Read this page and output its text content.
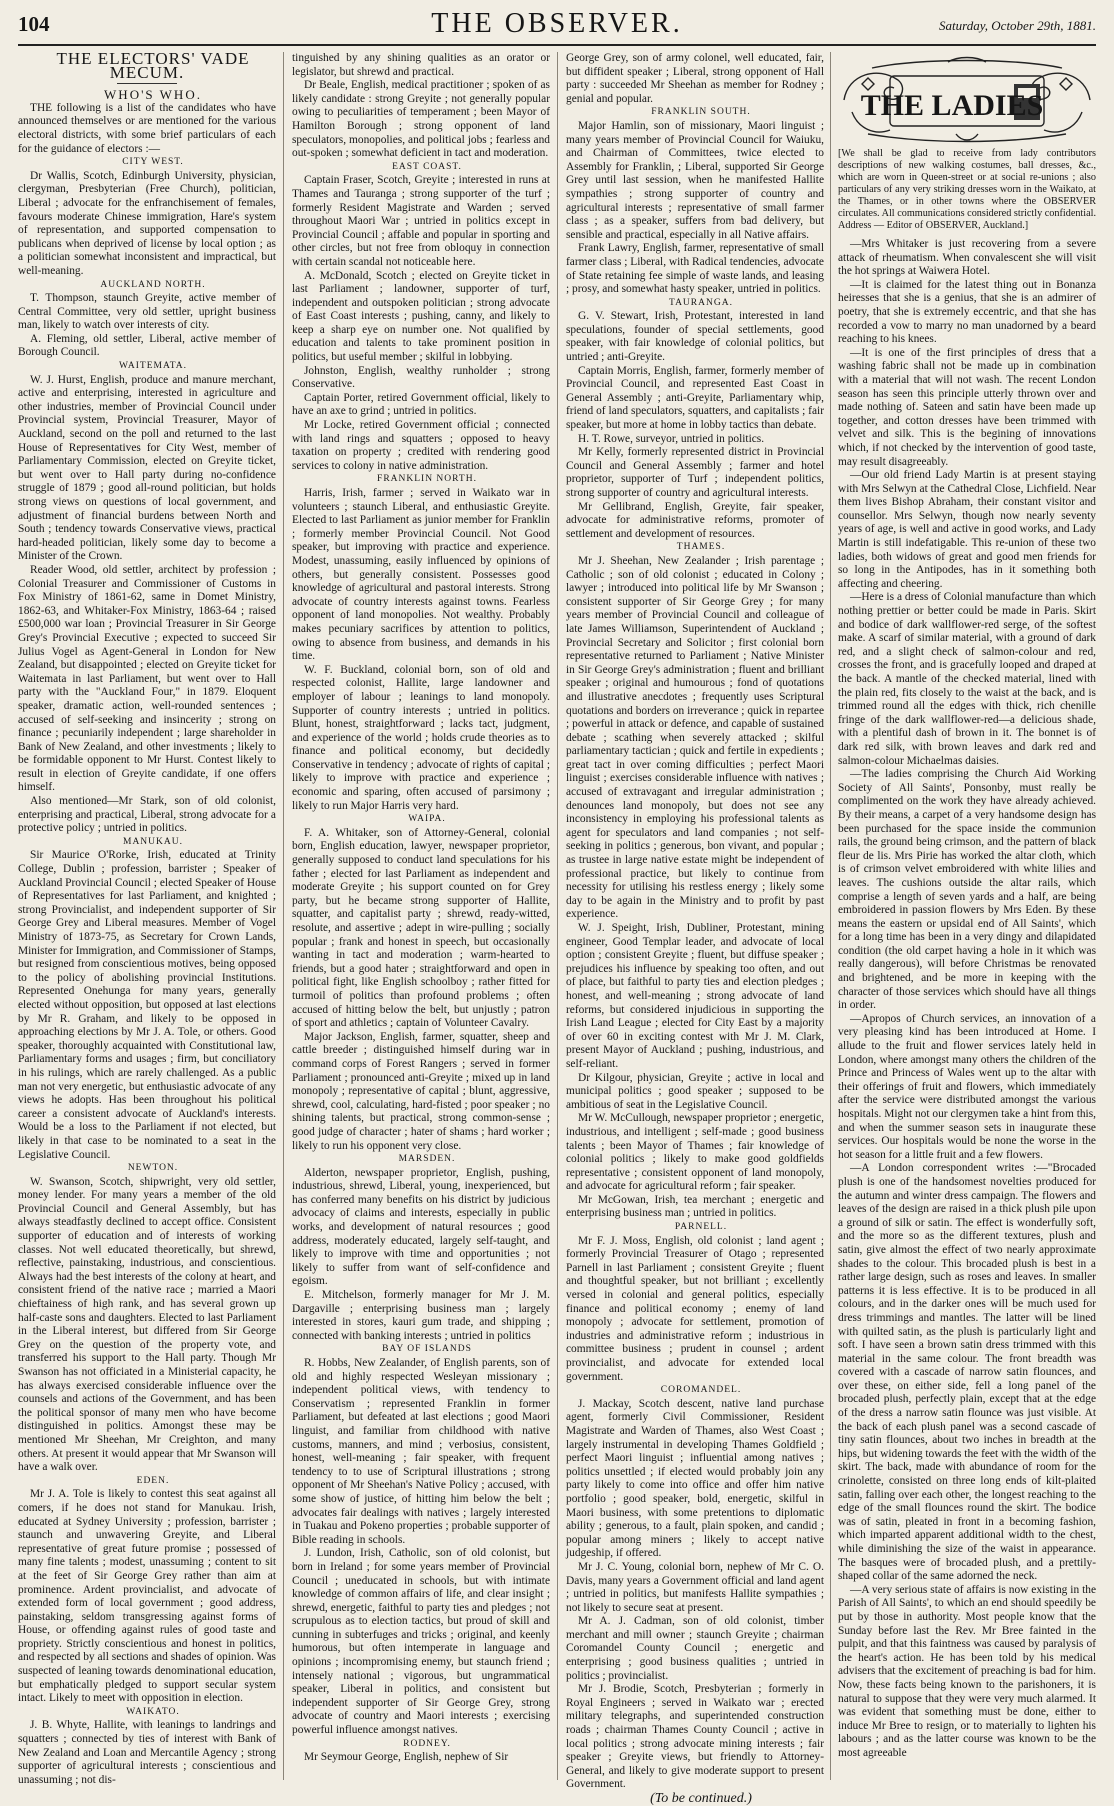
104	THE OBSERVER.	Saturday, October 29th, 1881.

THE ELECTORS' VADE MECUM.

WHO'S WHO.

THE following is a list of the candidates who have announced themselves or are mentioned for the various electoral districts, with some brief particulars of each for the guidance of electors :—

CITY WEST.

Dr Wallis, Scotch, Edinburgh University, physician, clergyman, Presbyterian (Free Church), politician, Liberal ; advocate for the enfranchisement of females, favours moderate Chinese immigration, Hare's system of representation, and supported compensation to publicans when deprived of license by local option ; as a politician somewhat inconsistent and impractical, but well-meaning.

AUCKLAND NORTH.

T. Thompson, staunch Greyite, active member of Central Committee, very old settler, upright business man, likely to watch over interests of city.

A. Fleming, old settler, Liberal, active member of Borough Council.

WAITEMATA.

W. J. Hurst, English, produce and manure merchant, active and enterprising, interested in agriculture and other industries, member of Provincial Council under Provincial system, Provincial Treasurer, Mayor of Auckland, second on the poll and returned to the last House of Representatives for City West, member of Parliamentary Commission, elected on Greyite ticket, but went over to Hall party during no-confidence struggle of 1879 ; good all-round politician, but holds strong views on questions of local government, and adjustment of financial burdens between North and South ; tendency towards Conservative views, practical hard-headed politician, likely some day to become a Minister of the Crown.

Reader Wood, old settler, architect by profession ; Colonial Treasurer and Commissioner of Customs in Fox Ministry of 1861-62, same in Domet Ministry, 1862-63, and Whitaker-Fox Ministry, 1863-64 ; raised £500,000 war loan ; Provincial Treasurer in Sir George Grey's Provincial Executive ; expected to succeed Sir Julius Vogel as Agent-General in London for New Zealand, but disappointed ; elected on Greyite ticket for Waitemata in last Parliament, but went over to Hall party with the "Auckland Four," in 1879. Eloquent speaker, dramatic action, well-rounded sentences ; accused of self-seeking and insincerity ; strong on finance ; pecuniarily independent ; large shareholder in Bank of New Zealand, and other investments ; likely to be formidable opponent to Mr Hurst. Contest likely to result in election of Greyite candidate, if one offers himself.

Also mentioned—Mr Stark, son of old colonist, enterprising and practical, Liberal, strong advocate for a protective policy ; untried in politics.

MANUKAU.

Sir Maurice O'Rorke, Irish, educated at Trinity College, Dublin ; profession, barrister ; Speaker of Auckland Provincial Council ; elected Speaker of House of Representatives for last Parliament, and knighted ; strong Provincialist, and independent supporter of Sir George Grey and Liberal measures. Member of Vogel Ministry of 1873-75, as Secretary for Crown Lands, Minister for Immigration, and Commissioner of Stamps, but resigned from conscientious motives, being opposed to the policy of abolishing provincial Institutions. Represented Onehunga for many years, generally elected without opposition, but opposed at last elections by Mr R. Graham, and likely to be opposed in approaching elections by Mr J. A. Tole, or others. Good speaker, thoroughly acquainted with Constitutional law, Parliamentary forms and usages ; firm, but conciliatory in his rulings, which are rarely challenged. As a public man not very energetic, but enthusiastic advocate of any views he adopts. Has been throughout his political career a consistent advocate of Auckland's interests. Would be a loss to the Parliament if not elected, but likely in that case to be nominated to a seat in the Legislative Council.

NEWTON.

W. Swanson, Scotch, shipwright, very old settler, money lender. For many years a member of the old Provincial Council and General Assembly, but has always steadfastly declined to accept office. Consistent supporter of education and of interests of working classes. Not well educated theoretically, but shrewd, reflective, painstaking, industrious, and conscientious. Always had the best interests of the colony at heart, and consistent friend of the native race ; married a Maori chieftainess of high rank, and has several grown up half-caste sons and daughters. Elected to last Parliament in the Liberal interest, but differed from Sir George Grey on the question of the property vote, and transferred his support to the Hall party. Though Mr Swanson has not officiated in a Ministerial capacity, he has always exercised considerable influence over the counsels and actions of the Government, and has been the political sponsor of many men who have become distinguished in politics. Amongst these may be mentioned Mr Sheehan, Mr Creighton, and many others. At present it would appear that Mr Swanson will have a walk over.

EDEN.

Mr J. A. Tole is likely to contest this seat against all comers, if he does not stand for Manukau. Irish, educated at Sydney University ; profession, barrister ; staunch and unwavering Greyite, and Liberal representative of great future promise ; possessed of many fine talents ; modest, unassuming ; content to sit at the feet of Sir George Grey rather than aim at prominence. Ardent provincialist, and advocate of extended form of local government ; good address, painstaking, seldom transgressing against forms of House, or offending against rules of good taste and propriety. Strictly conscientious and honest in politics, and respected by all sections and shades of opinion. Was suspected of leaning towards denominational education, but emphatically pledged to support secular system intact. Likely to meet with opposition in election.

WAIKATO.

J. B. Whyte, Hallite, with leanings to landrings and squatters ; connected by ties of interest with Bank of New Zealand and Loan and Mercantile Agency ; strong supporter of agricultural interests ; conscientious and unassuming ; not dis-

tinguished by any shining qualities as an orator or legislator, but shrewd and practical.

Dr Beale, English, medical practitioner ; spoken of as likely candidate : strong Greyite ; not generally popular owing to peculiarities of temperament ; been Mayor of Hamilton Borough ; strong opponent of land speculators, monopolies, and political jobs ; fearless and out-spoken ; somewhat deficient in tact and moderation.

EAST COAST.

Captain Fraser, Scotch, Greyite ; interested in runs at Thames and Tauranga ; strong supporter of the turf ; formerly Resident Magistrate and Warden ; served throughout Maori War ; untried in politics except in Provincial Council ; affable and popular in sporting and other circles, but not free from obloquy in connection with certain scandal not noticeable here.

A. McDonald, Scotch ; elected on Greyite ticket in last Parliament ; landowner, supporter of turf, independent and outspoken politician ; strong advocate of East Coast interests ; pushing, canny, and likely to keep a sharp eye on number one. Not qualified by education and talents to take prominent position in politics, but useful member ; skilful in lobbying.

Johnston, English, wealthy runholder ; strong Conservative.

Captain Porter, retired Government official, likely to have an axe to grind ; untried in politics.

Mr Locke, retired Government official ; connected with land rings and squatters ; opposed to heavy taxation on property ; credited with rendering good services to colony in native administration.

FRANKLIN NORTH.

Harris, Irish, farmer ; served in Waikato war in volunteers ; staunch Liberal, and enthusiastic Greyite. Elected to last Parliament as junior member for Franklin ; formerly member Provincial Council. Not Good speaker, but improving with practice and experience. Modest, unassuming, easily influenced by opinions of others, but generally consistent. Possesses good knowledge of agricultural and pastoral interests. Strong advocate of country interests against towns. Fearless opponent of land monopolies. Not wealthy. Probably makes pecuniary sacrifices by attention to politics, owing to absence from business, and demands in his time.

W. F. Buckland, colonial born, son of old and respected colonist, Hallite, large landowner and employer of labour ; leanings to land monopoly. Supporter of country interests ; untried in politics. Blunt, honest, straightforward ; lacks tact, judgment, and experience of the world ; holds crude theories as to finance and political economy, but decidedly Conservative in tendency ; advocate of rights of capital ; likely to improve with practice and experience ; economic and sparing, often accused of parsimony ; likely to run Major Harris very hard.

WAIPA.

F. A. Whitaker, son of Attorney-General, colonial born, English education, lawyer, newspaper proprietor, generally supposed to conduct land speculations for his father ; elected for last Parliament as independent and moderate Greyite ; his support counted on for Grey party, but he became strong supporter of Hallite, squatter, and capitalist party ; shrewd, ready-witted, resolute, and assertive ; adept in wire-pulling ; socially popular ; frank and honest in speech, but occasionally wanting in tact and moderation ; warm-hearted to friends, but a good hater ; straightforward and open in political fight, like English schoolboy ; rather fitted for turmoil of politics than profound problems ; often accused of hitting below the belt, but unjustly ; patron of sport and athletics ; captain of Volunteer Cavalry.

Major Jackson, English, farmer, squatter, sheep and cattle breeder ; distinguished himself during war in command corps of Forest Rangers ; served in former Parliament ; pronounced anti-Greyite ; mixed up in land monopoly ; representative of capital ; blunt, aggressive, shrewd, cool, calculating, hard-fisted ; poor speaker ; no shining talents, but practical, strong common-sense ; good judge of character ; hater of shams ; hard worker ; likely to run his opponent very close.

MARSDEN.

Alderton, newspaper proprietor, English, pushing, industrious, shrewd, Liberal, young, inexperienced, but has conferred many benefits on his district by judicious advocacy of claims and interests, especially in public works, and development of natural resources ; good address, moderately educated, largely self-taught, and likely to improve with time and opportunities ; not likely to suffer from want of self-confidence and egoism.

E. Mitchelson, formerly manager for Mr J. M. Dargaville ; enterprising business man ; largely interested in stores, kauri gum trade, and shipping ; connected with banking interests ; untried in politics

BAY OF ISLANDS

R. Hobbs, New Zealander, of English parents, son of old and highly respected Wesleyan missionary ; independent political views, with tendency to Conservatism ; represented Franklin in former Parliament, but defeated at last elections ; good Maori linguist, and familiar from childhood with native customs, manners, and mind ; verbosius, consistent, honest, well-meaning ; fair speaker, with frequent tendency to to use of Scriptural illustrations ; strong opponent of Mr Sheehan's Native Policy ; accused, with some show of justice, of hitting him below the belt ; advocates fair dealings with natives ; largely interested in Tuakau and Pokeno properties ; probable supporter of Bible reading in schools.

J. Lundon, Irish, Catholic, son of old colonist, but born in Ireland ; for some years member of Provincial Council ; uneducated in schools, but with intimate knowledge of common affairs of life, and clear insight ; shrewd, energetic, faithful to party ties and pledges ; not scrupulous as to election tactics, but proud of skill and cunning in subterfuges and tricks ; original, and keenly humorous, but often intemperate in language and opinions ; incompromising enemy, but staunch friend ; intensely national ; vigorous, but ungrammatical speaker, Liberal in politics, and consistent but independent supporter of Sir George Grey, strong advocate of country and Maori interests ; exercising powerful influence amongst natives.

RODNEY.

Mr Seymour George, English, nephew of Sir

George Grey, son of army colonel, well educated, fair, but diffident speaker ; Liberal, strong opponent of Hall party : succeeded Mr Sheehan as member for Rodney ; genial and popular.

FRANKLIN SOUTH.

Major Hamlin, son of missionary, Maori linguist ; many years member of Provincial Council for Waiuku, and Chairman of Committees, twice elected to Assembly for Franklin, ; Liberal, supported Sir George Grey until last session, when he manifested Hallite sympathies ; strong supporter of country and agricultural interests ; representative of small farmer class ; as a speaker, suffers from bad delivery, but sensible and practical, especially in all Native affairs.

Frank Lawry, English, farmer, representative of small farmer class ; Liberal, with Radical tendencies, advocate of State retaining fee simple of waste lands, and leasing ; prosy, and somewhat hasty speaker, untried in politics.

TAURANGA.

G. V. Stewart, Irish, Protestant, interested in land speculations, founder of special settlements, good speaker, with fair knowledge of colonial politics, but untried ; anti-Greyite.

Captain Morris, English, farmer, formerly member of Provincial Council, and represented East Coast in General Assembly ; anti-Greyite, Parliamentary whip, friend of land speculators, squatters, and capitalists ; fair speaker, but more at home in lobby tactics than debate.

H. T. Rowe, surveyor, untried in politics.

Mr Kelly, formerly represented district in Provincial Council and General Assembly ; farmer and hotel proprietor, supporter of Turf ; independent politics, strong supporter of country and agricultural interests.

Mr Gellibrand, English, Greyite, fair speaker, advocate for administrative reforms, promoter of settlement and development of resources.

THAMES.

Mr J. Sheehan, New Zealander ; Irish parentage ; Catholic ; son of old colonist ; educated in Colony ; lawyer ; introduced into political life by Mr Swanson ; consistent supporter of Sir George Grey ; for many years member of Provincial Council and colleague of late James Williamson, Superintendent of Auckland ; Provincial Secretary and Solicitor ; first colonial born representative returned to Parliament ; Native Minister in Sir George Grey's administration ; fluent and brilliant speaker ; original and humourous ; fond of quotations and illustrative anecdotes ; frequently uses Scriptural quotations and borders on irreverance ; quick in repartee ; powerful in attack or defence, and capable of sustained debate ; scathing when severely attacked ; skilful parliamentary tactician ; quick and fertile in expedients ; great tact in over coming difficulties ; perfect Maori linguist ; exercises considerable influence with natives ; accused of extravagant and irregular administration ; denounces land monopoly, but does not see any inconsistency in employing his professional talents as agent for speculators and land companies ; not self-seeking in politics ; generous, bon vivant, and popular ; as trustee in large native estate might be independent of professional practice, but likely to continue from necessity for utilising his restless energy ; likely some day to be again in the Ministry and to profit by past experience.

W. J. Speight, Irish, Dubliner, Protestant, mining engineer, Good Templar leader, and advocate of local option ; consistent Greyite ; fluent, but diffuse speaker ; prejudices his influence by speaking too often, and out of place, but faithful to party ties and election pledges ; honest, and well-meaning ; strong advocate of land reforms, but considered injudicious in supporting the Irish Land League ; elected for City East by a majority of over 60 in exciting contest with Mr J. M. Clark, present Mayor of Auckland ; pushing, industrious, and self-reliant.

Dr Kilgour, physician, Greyite ; active in local and municipal politics ; good speaker ; supposed to be ambitious of seat in the Legislative Council.

Mr W. McCullough, newspaper proprietor ; energetic, industrious, and intelligent ; self-made ; good business talents ; been Mayor of Thames ; fair knowledge of colonial politics ; likely to make good goldfields representative ; consistent opponent of land monopoly, and advocate for agricultural reform ; fair speaker.

Mr McGowan, Irish, tea merchant ; energetic and enterprising business man ; untried in politics.

PARNELL.

Mr F. J. Moss, English, old colonist ; land agent ; formerly Provincial Treasurer of Otago ; represented Parnell in last Parliament ; consistent Greyite ; fluent and thoughtful speaker, but not brilliant ; excellently versed in colonial and general politics, especially finance and political economy ; enemy of land monopoly ; advocate for settlement, promotion of industries and administrative reform ; industrious in committee business ; prudent in counsel ; ardent provincialist, and advocate for extended local government.

COROMANDEL.

J. Mackay, Scotch descent, native land purchase agent, formerly Civil Commissioner, Resident Magistrate and Warden of Thames, also West Coast ; largely instrumental in developing Thames Goldfield ; perfect Maori linguist ; influential among natives ; politics unsettled ; if elected would probably join any party likely to come into office and offer him native portfolio ; good speaker, bold, energetic, skilful in Maori business, with some pretentions to diplomatic ability ; generous, to a fault, plain spoken, and candid ; popular among miners ; likely to accept native judgeship, if offered.

Mr J. C. Young, colonial born, nephew of Mr C. O. Davis, many years a Government official and land agent ; untried in politics, but manifests Hallite sympathies ; not likely to secure seat at present.

Mr A. J. Cadman, son of old colonist, timber merchant and mill owner ; staunch Greyite ; chairman Coromandel County Council ; energetic and enterprising ; good business qualities ; untried in politics ; provincialist.

Mr J. Brodie, Scotch, Presbyterian ; formerly in Royal Engineers ; served in Waikato war ; erected military telegraphs, and superintended construction roads ; chairman Thames County Council ; active in local politics ; strong advocate mining interests ; fair speaker ; Greyite views, but friendly to Attorney-General, and likely to give moderate support to present Government.

(To be continued.)

THE LADIES

[We shall be glad to receive from lady contributors descriptions of new walking costumes, ball dresses, &c., which are worn in Queen-street or at social re-unions ; also particulars of any very striking dresses worn in the Waikato, at the Thames, or in other towns where the OBSERVER circulates. All communications considered strictly confidential. Address — Editor of OBSERVER, Auckland.]

—Mrs Whitaker is just recovering from a severe attack of rheumatism. When convalescent she will visit the hot springs at Waiwera Hotel.

—It is claimed for the latest thing out in Bonanza heiresses that she is a genius, that she is an admirer of poetry, that she is extremely eccentric, and that she has recorded a vow to marry no man unadorned by a beard reaching to his knees.

—It is one of the first principles of dress that a washing fabric shall not be made up in combination with a material that will not wash. The recent London season has seen this principle utterly thrown over and made nothing of. Sateen and satin have been made up together, and cotton dresses have been trimmed with velvet and silk. This is the begining of innovations which, if not checked by the intervention of good taste, may result disagreeably.

—Our old friend Lady Martin is at present staying with Mrs Selwyn at the Cathedral Close, Lichfield. Near them lives Bishop Abraham, their constant visitor and counsellor. Mrs Selwyn, though now nearly seventy years of age, is well and active in good works, and Lady Martin is still indefatigable. This re-union of these two ladies, both widows of great and good men friends for so long in the Antipodes, has in it something both affecting and cheering.

—Here is a dress of Colonial manufacture than which nothing prettier or better could be made in Paris. Skirt and bodice of dark wallflower-red serge, of the softest make. A scarf of similar material, with a ground of dark red, and a slight check of salmon-colour and red, crosses the front, and is gracefully looped and draped at the back. A mantle of the checked material, lined with the plain red, fits closely to the waist at the back, and is trimmed round all the edges with thick, rich chenille fringe of the dark wallflower-red—a delicious shade, with a plentiful dash of brown in it. The bonnet is of dark red silk, with brown leaves and dark red and salmon-colour Michaelmas daisies.

—The ladies comprising the Church Aid Working Society of All Saints', Ponsonby, must really be complimented on the work they have already achieved. By their means, a carpet of a very handsome design has been purchased for the space inside the communion rails, the ground being crimson, and the pattern of black fleur de lis. Mrs Pirie has worked the altar cloth, which is of crimson velvet embroidered with white lilies and leaves. The cushions outside the altar rails, which comprise a length of seven yards and a half, are being embroidered in passion flowers by Mrs Eden. By these means the eastern or upsidal end of All Saints', which for a long time has been in a very dingy and dilapidated condition (the old carpet having a hole in it which was really dangerous), will before Christmas be renovated and brightened, and be more in keeping with the character of those services which should have all things in order.

—Apropos of Church services, an innovation of a very pleasing kind has been introduced at Home. I allude to the fruit and flower services lately held in London, where amongst many others the children of the Prince and Princess of Wales went up to the altar with their offerings of fruit and flowers, which immediately after the service were distributed amongst the various hospitals. Might not our clergymen take a hint from this, and when the summer season sets in inaugurate these services. Our hospitals would be none the worse in the hot season for a little fruit and a few flowers.

—A London correspondent writes :—"Brocaded plush is one of the handsomest novelties produced for the autumn and winter dress campaign. The flowers and leaves of the design are raised in a thick plush pile upon a ground of silk or satin. The effect is wonderfully soft, and the more so as the different textures, plush and satin, give almost the effect of two nearly approximate shades to the colour. This brocaded plush is best in a rather large design, such as roses and leaves. In smaller patterns it is less effective. It is to be produced in all colours, and in the darker ones will be much used for dress trimmings and mantles. The latter will be lined with quilted satin, as the plush is particularly light and soft. I have seen a brown satin dress trimmed with this material in the same colour. The front breadth was covered with a cascade of narrow satin flounces, and over these, on either side, fell a long panel of the brocaded plush, perfectly plain, except that at the edge of the dress a narrow satin flounce was just visible. At the back of each plush panel was a second cascade of tiny satin flounces, about two inches in breadth at the hips, but widening towards the feet with the width of the skirt. The back, made with abundance of room for the crinolette, consisted on three long ends of kilt-plaited satin, falling over each other, the longest reaching to the edge of the small flounces round the skirt. The bodice was of satin, pleated in front in a becoming fashion, which imparted apparent additional width to the chest, while diminishing the size of the waist in appearance. The basques were of brocaded plush, and a prettily-shaped collar of the same adorned the neck.

—A very serious state of affairs is now existing in the Parish of All Saints', to which an end should speedily be put by those in authority. Most people know that the Sunday before last the Rev. Mr Bree fainted in the pulpit, and that this faintness was caused by paralysis of the heart's action. He has been told by his medical advisers that the excitement of preaching is bad for him. Now, these facts being known to the parishoners, it is natural to suppose that they were very much alarmed. It was evident that something must be done, either to induce Mr Bree to resign, or to materially to lighten his labours ; and as the latter course was known to be the most agreeable
